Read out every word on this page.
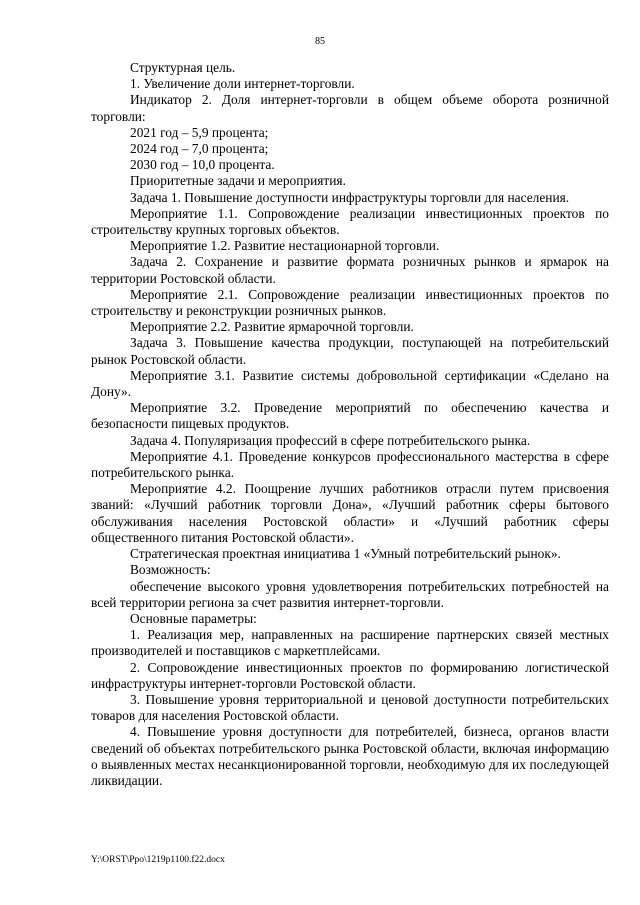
85

Структурная цель.

1. Увеличение доли интернет-торговли.

Индикатор 2. Доля интернет-торговли в общем объеме оборота розничной торговли:

2021 год – 5,9 процента;

2024 год – 7,0 процента;

2030 год – 10,0 процента.

Приоритетные задачи и мероприятия.

Задача 1. Повышение доступности инфраструктуры торговли для населения.

Мероприятие 1.1. Сопровождение реализации инвестиционных проектов по строительству крупных торговых объектов.

Мероприятие 1.2. Развитие нестационарной торговли.

Задача 2. Сохранение и развитие формата розничных рынков и ярмарок на территории Ростовской области.

Мероприятие 2.1. Сопровождение реализации инвестиционных проектов по строительству и реконструкции розничных рынков.

Мероприятие 2.2. Развитие ярмарочной торговли.

Задача 3. Повышение качества продукции, поступающей на потребительский рынок Ростовской области.

Мероприятие 3.1. Развитие системы добровольной сертификации «Сделано на Дону».

Мероприятие 3.2. Проведение мероприятий по обеспечению качества и безопасности пищевых продуктов.

Задача 4. Популяризация профессий в сфере потребительского рынка.

Мероприятие 4.1. Проведение конкурсов профессионального мастерства в сфере потребительского рынка.

Мероприятие 4.2. Поощрение лучших работников отрасли путем присвоения званий: «Лучший работник торговли Дона», «Лучший работник сферы бытового обслуживания населения Ростовской области» и «Лучший работник сферы общественного питания Ростовской области».

Стратегическая проектная инициатива 1 «Умный потребительский рынок».

Возможность:

обеспечение высокого уровня удовлетворения потребительских потребностей на всей территории региона за счет развития интернет-торговли.

Основные параметры:

1. Реализация мер, направленных на расширение партнерских связей местных производителей и поставщиков с маркетплейсами.

2. Сопровождение инвестиционных проектов по формированию логистической инфраструктуры интернет-торговли Ростовской области.

3. Повышение уровня территориальной и ценовой доступности потребительских товаров для населения Ростовской области.

4. Повышение уровня доступности для потребителей, бизнеса, органов власти сведений об объектах потребительского рынка Ростовской области, включая информацию о выявленных местах несанкционированной торговли, необходимую для их последующей ликвидации.

Y:\ORST\Ppo\1219p1100.f22.docx
